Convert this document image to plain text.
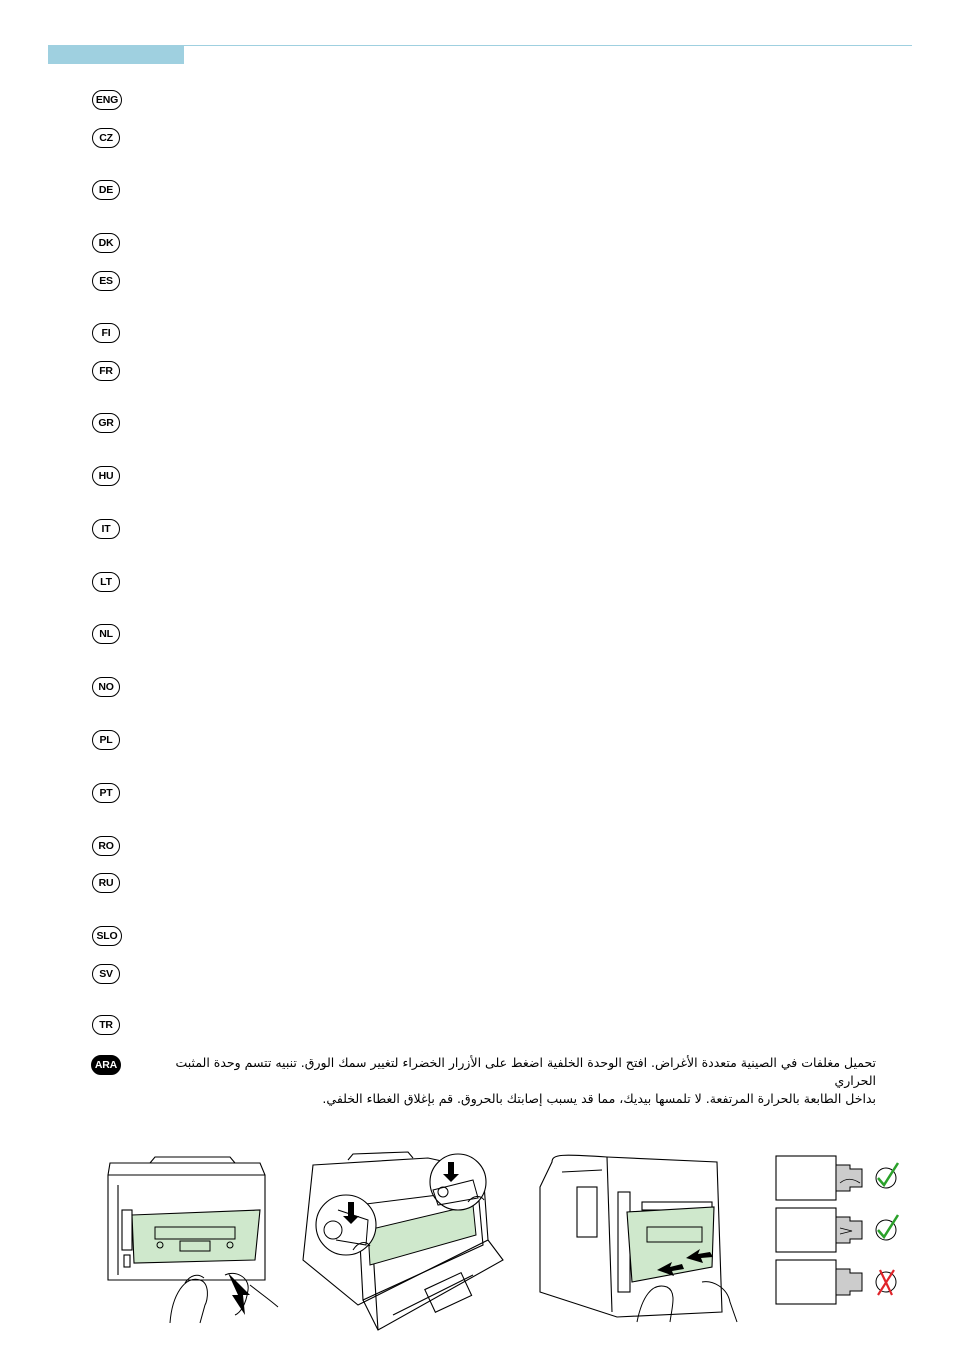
ENG
CZ
DE
DK
ES
FI
FR
GR
HU
IT
LT
NL
NO
PL
PT
RO
RU
SLO
SV
TR
ARA	تحميل مغلفات في الصينية متعددة الأغراض. افتح الوحدة الخلفية اضغط على الأزرار الخضراء لتغيير سمك الورق. تنبيه تتسم وحدة المثبت الحراري
بداخل الطابعة بالحرارة المرتفعة. لا تلمسها بيديك، مما قد يسبب إصابتك بالحروق. قم بإغلاق الغطاء الخلفي.
